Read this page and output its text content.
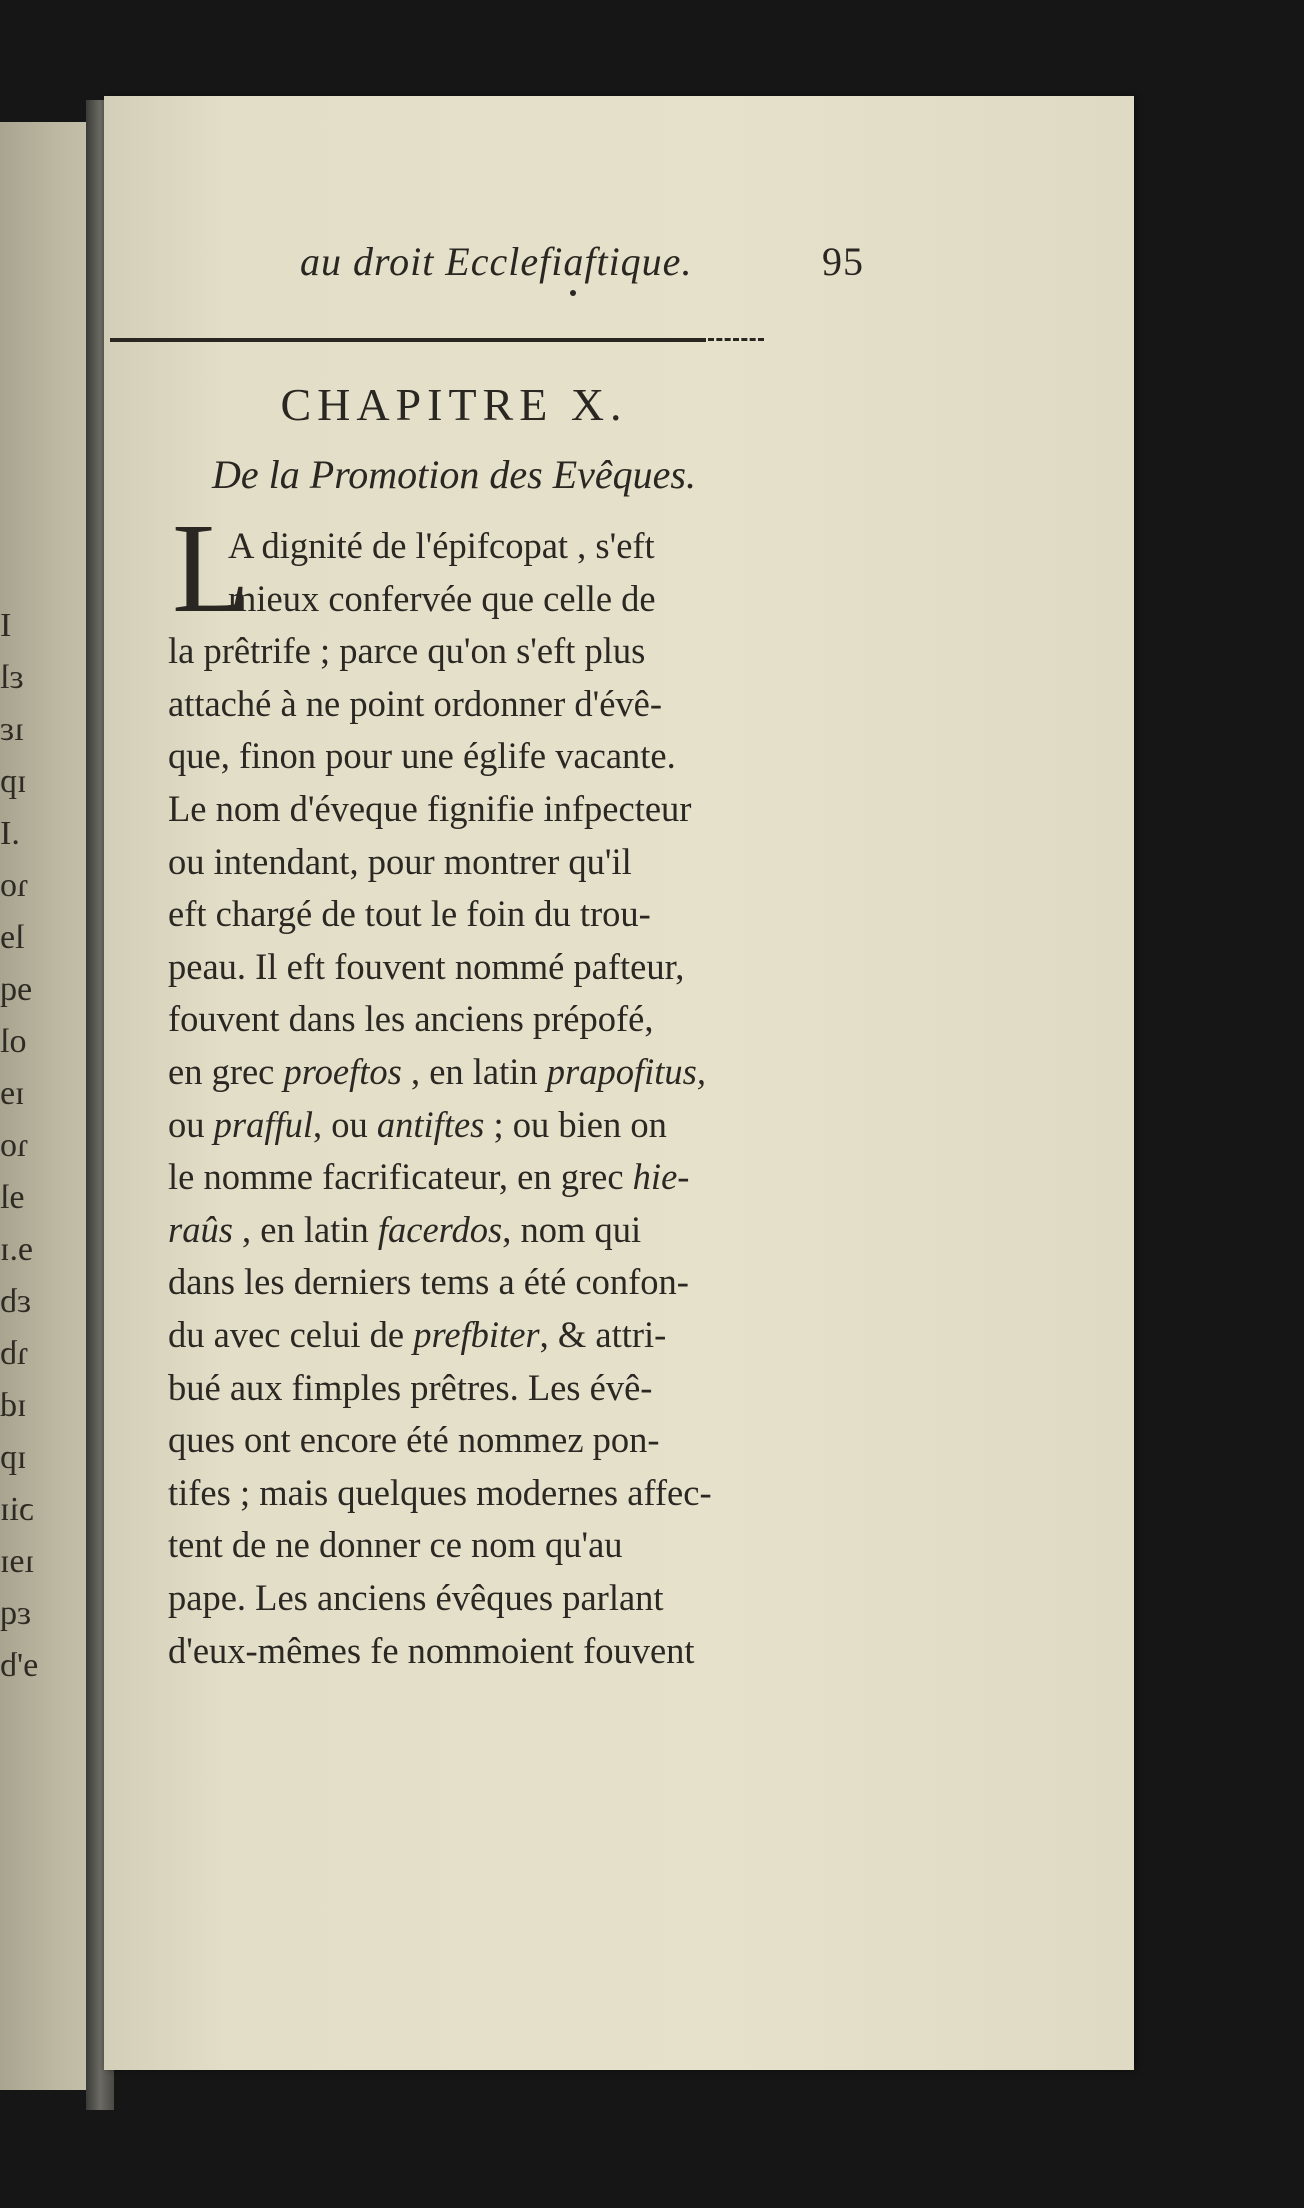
I
ɛl
ıɛ
ɪp
.I
ɿo
lɘ
ɘq
ol
ɪɘ
ɿo
ɘl
ɘ.ɪ
ɛb
ɿb
ɪd
ɪp
ɔiɪ
ıɘɪ
ɛq
ɘ'b
au droit Ecclefiaftique.	95
CHAPITRE X.
De la Promotion des Evêques.
L
A dignité de l'épifcopat , s'eft
mieux confervée que celle de
la prêtrife ; parce qu'on s'eft plus
attaché à ne point ordonner d'évê-
que, finon pour une églife vacante.
Le nom d'éveque fignifie infpecteur
ou intendant, pour montrer qu'il
eft chargé de tout le foin du trou-
peau. Il eft fouvent nommé pafteur,
fouvent dans les anciens prépofé,
en grec proeftos , en latin prapofitus,
ou prafful, ou antiftes ; ou bien on
le nomme facrificateur, en grec hie-
raûs , en latin facerdos, nom qui
dans les derniers tems a été confon-
du avec celui de prefbiter, & attri-
bué aux fimples prêtres. Les évê-
ques ont encore été nommez pon-
tifes ; mais quelques modernes affec-
tent de ne donner ce nom qu'au
pape. Les anciens évêques parlant
d'eux-mêmes fe nommoient fouvent
